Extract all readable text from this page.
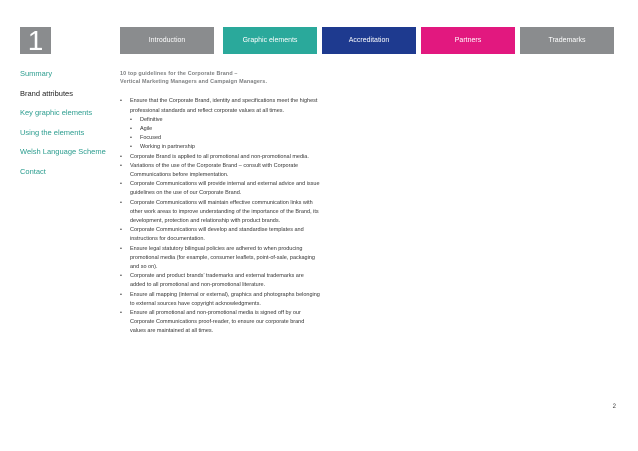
1	Introduction	Graphic elements	Accreditation	Partners	Trademarks
Summary
Brand attributes
Key graphic elements
Using the elements
Welsh Language Scheme
Contact
10 top guidelines for the Corporate Brand –
Vertical Marketing Managers and Campaign Managers.
• Ensure that the Corporate Brand, identity and specifications meet the highest professional standards and reflect corporate values at all times.
• Definitive
• Agile
• Focused
• Working in partnership
• Corporate Brand is applied to all promotional and non-promotional media.
• Variations of the use of the Corporate Brand – consult with Corporate Communications before implementation.
• Corporate Communications will provide internal and external advice and issue guidelines on the use of our Corporate Brand.
• Corporate Communications will maintain effective communication links with other work areas to improve understanding of the importance of the Brand, its development, protection and relationship with product brands.
• Corporate Communications will develop and standardise templates and instructions for documentation.
• Ensure legal statutory bilingual policies are adhered to when producing promotional media (for example, consumer leaflets, point-of-sale, packaging and so on).
• Corporate and product brands’ trademarks and external trademarks are added to all promotional and non-promotional literature.
• Ensure all mapping (internal or external), graphics and photographs belonging to external sources have copyright acknowledgments.
• Ensure all promotional and non-promotional media is signed off by our Corporate Communications proof-reader, to ensure our corporate brand values are maintained at all times.
2
